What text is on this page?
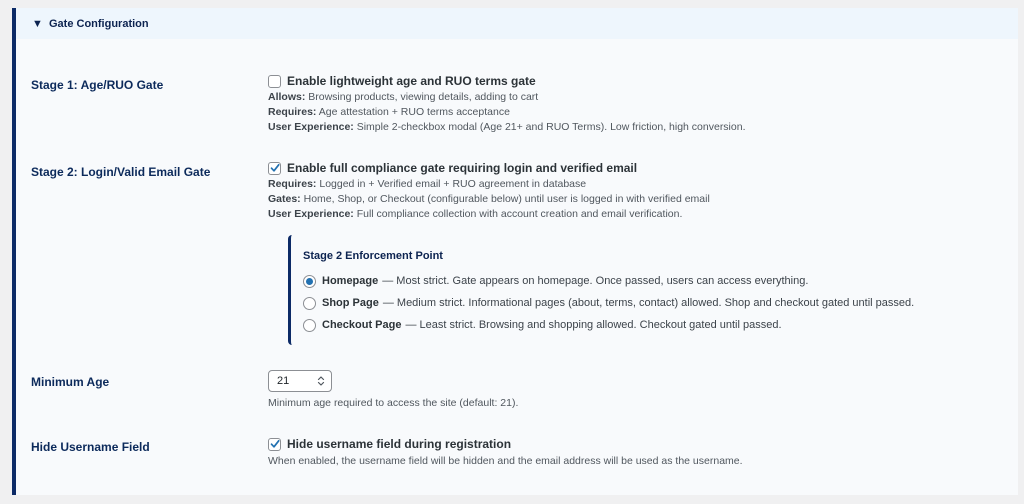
▼ Gate Configuration
Stage 1: Age/RUO Gate	Enable lightweight age and RUO terms gate
Allows: Browsing products, viewing details, adding to cart
Requires: Age attestation + RUO terms acceptance
User Experience: Simple 2-checkbox modal (Age 21+ and RUO Terms). Low friction, high conversion.
Stage 2: Login/Valid Email Gate	Enable full compliance gate requiring login and verified email
Requires: Logged in + Verified email + RUO agreement in database
Gates: Home, Shop, or Checkout (configurable below) until user is logged in with verified email
User Experience: Full compliance collection with account creation and email verification.
Stage 2 Enforcement Point
Homepage — Most strict. Gate appears on homepage. Once passed, users can access everything.
Shop Page — Medium strict. Informational pages (about, terms, contact) allowed. Shop and checkout gated until passed.
Checkout Page — Least strict. Browsing and shopping allowed. Checkout gated until passed.
Minimum Age	21
Minimum age required to access the site (default: 21).
Hide Username Field	Hide username field during registration
When enabled, the username field will be hidden and the email address will be used as the username.
